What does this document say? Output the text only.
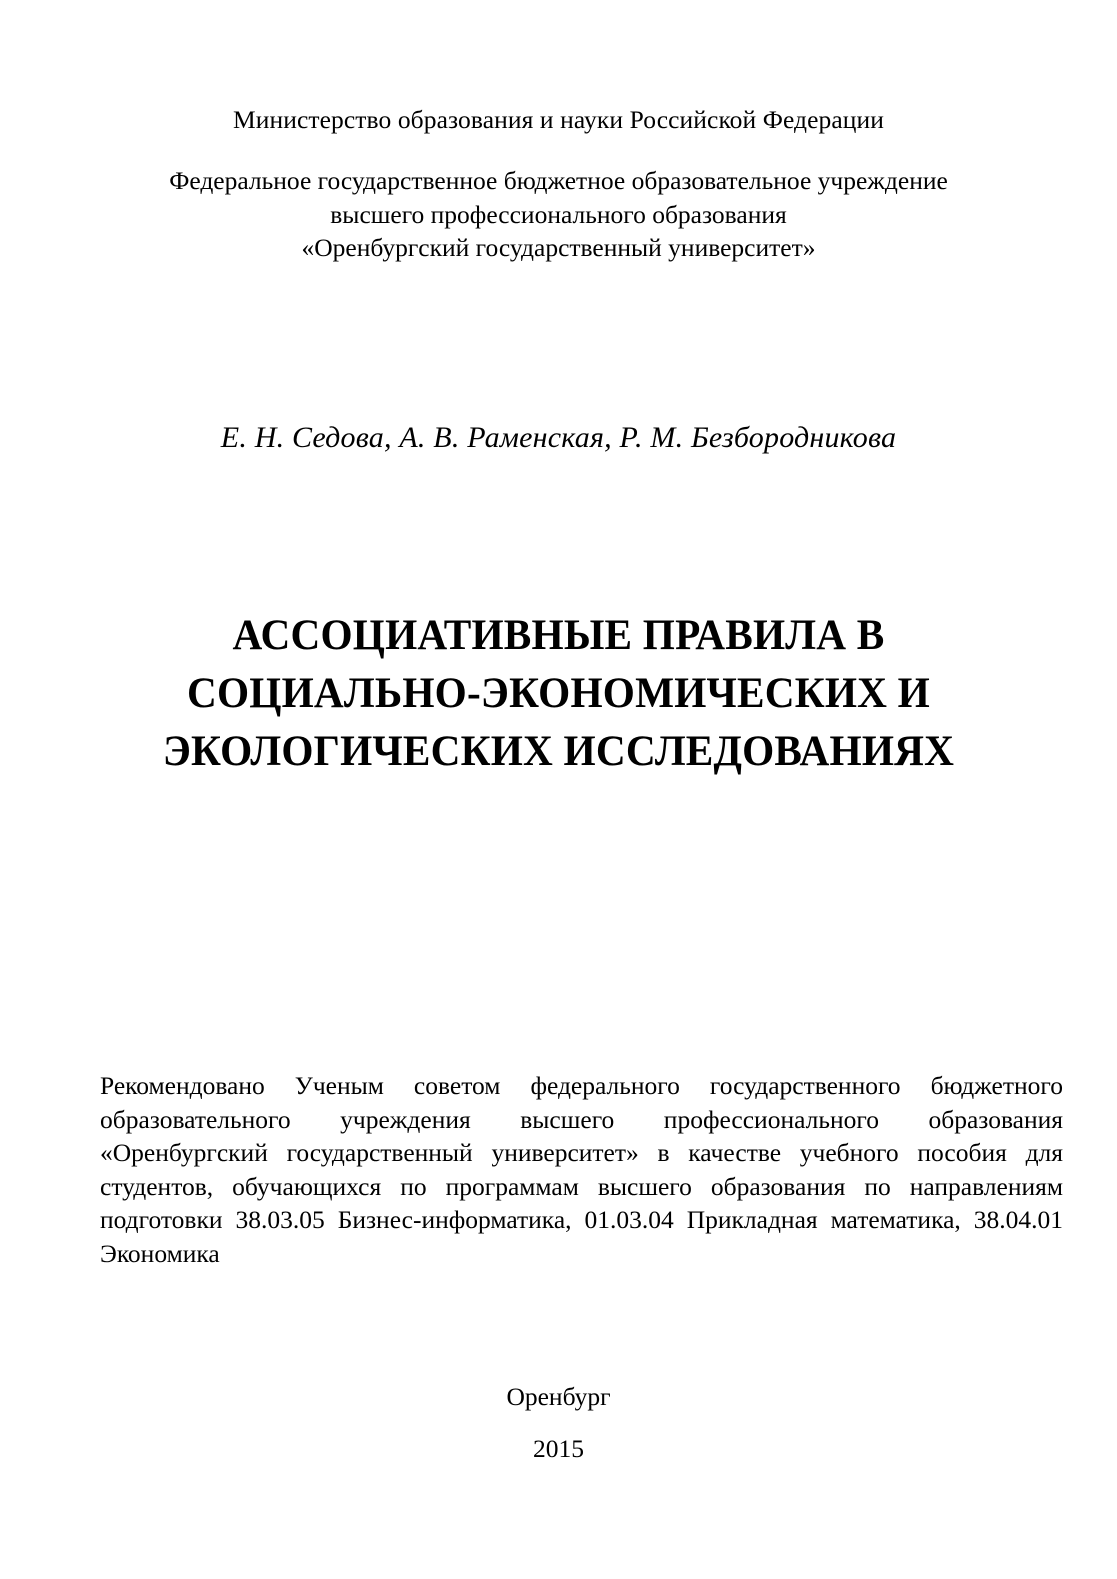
Министерство образования и науки Российской Федерации
Федеральное государственное бюджетное образовательное учреждение
высшего профессионального образования
«Оренбургский государственный университет»
Е. Н. Седова, А. В. Раменская, Р. М. Безбородникова
АССОЦИАТИВНЫЕ ПРАВИЛА В
СОЦИАЛЬНО-ЭКОНОМИЧЕСКИХ И
ЭКОЛОГИЧЕСКИХ ИССЛЕДОВАНИЯХ
Рекомендовано Ученым советом федерального государственного бюджетного образовательного учреждения высшего профессионального образования «Оренбургский государственный университет» в качестве учебного пособия для студентов, обучающихся по программам высшего образования по направлениям подготовки 38.03.05 Бизнес-информатика, 01.03.04 Прикладная математика, 38.04.01 Экономика
Оренбург
2015
